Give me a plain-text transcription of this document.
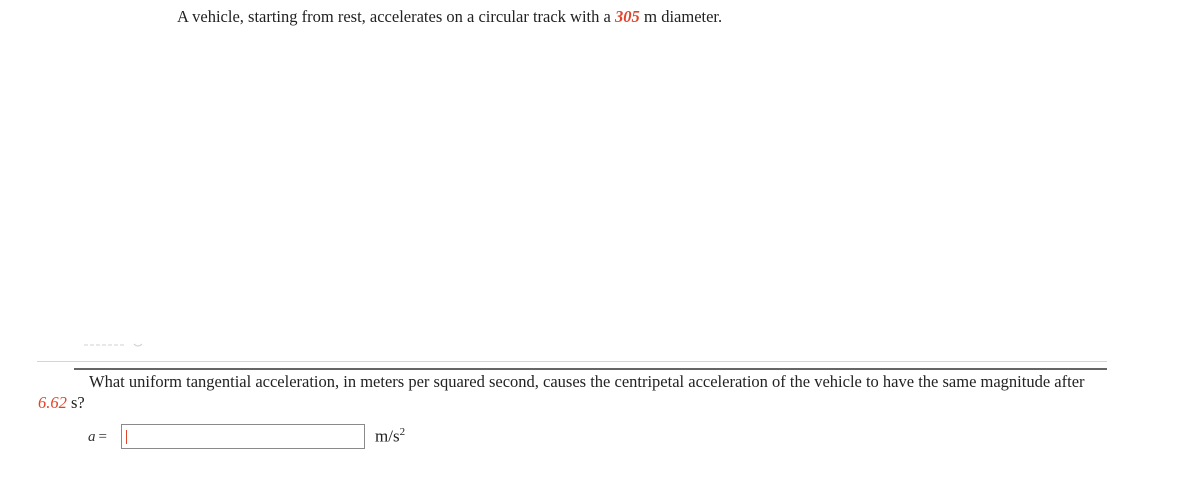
A vehicle, starting from rest, accelerates on a circular track with a 305 m diameter.
What uniform tangential acceleration, in meters per squared second, causes the centripetal acceleration of the vehicle to have the same magnitude after
6.62 s?
a =	$m/s^2$
